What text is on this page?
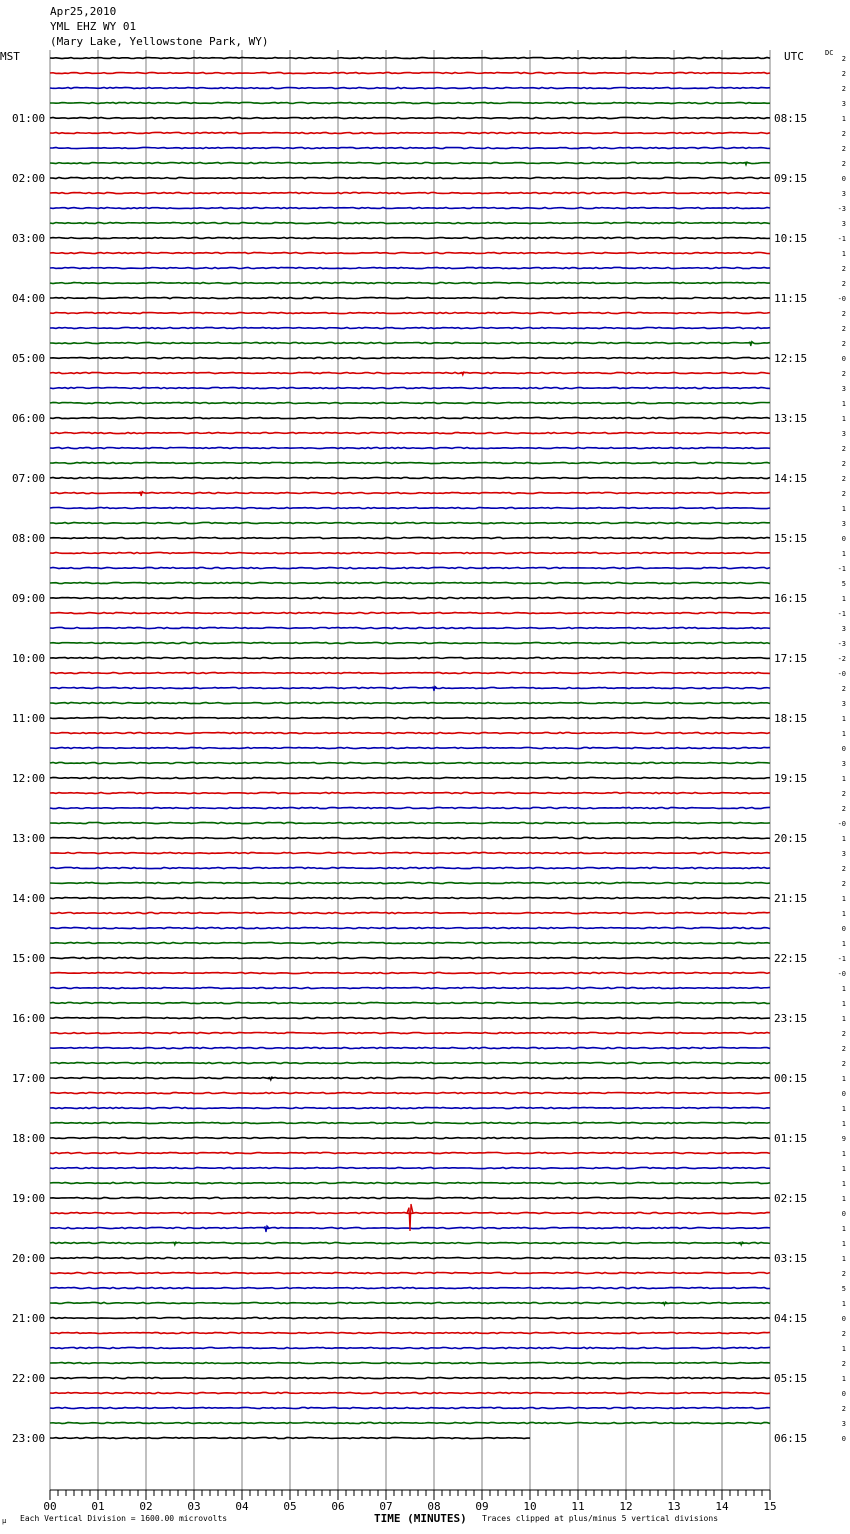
Apr25,2010
YML EHZ WY 01
(Mary Lake, Yellowstone Park, WY)
MST	UTC	DC
01:00
02:00
03:00
04:00
05:00
06:00
07:00
08:00
09:00
10:00
11:00
12:00
13:00
14:00
15:00
16:00
17:00
18:00
19:00
20:00
21:00
22:00
23:00
08:15
09:15
10:15
11:15
12:15
13:15
14:15
15:15
16:15
17:15
18:15
19:15
20:15
21:15
22:15
23:15
00:15
01:15
02:15
03:15
04:15
05:15
06:15
2
2
2
3
1
2
2
2
0
3
-3
3
-1
1
2
2
-0
2
2
2
0
2
3
1
1
3
2
2
2
2
1
3
0
1
-1
5
1
-1
3
-3
-2
-0
2
3
1
1
0
3
1
2
2
-0
1
3
2
2
1
1
0
1
-1
-0
1
1
1
2
2
2
1
0
1
1
9
1
1
1
1
0
1
1
1
2
5
1
0
2
1
2
1
0
2
3
0
00	01	02	03	04	05	06	07	08	09	10	11	12	13	14	15
Each Vertical Division = 1600.00 microvolts	TIME (MINUTES) Traces clipped at plus/minus 5 vertical divisions
μ
